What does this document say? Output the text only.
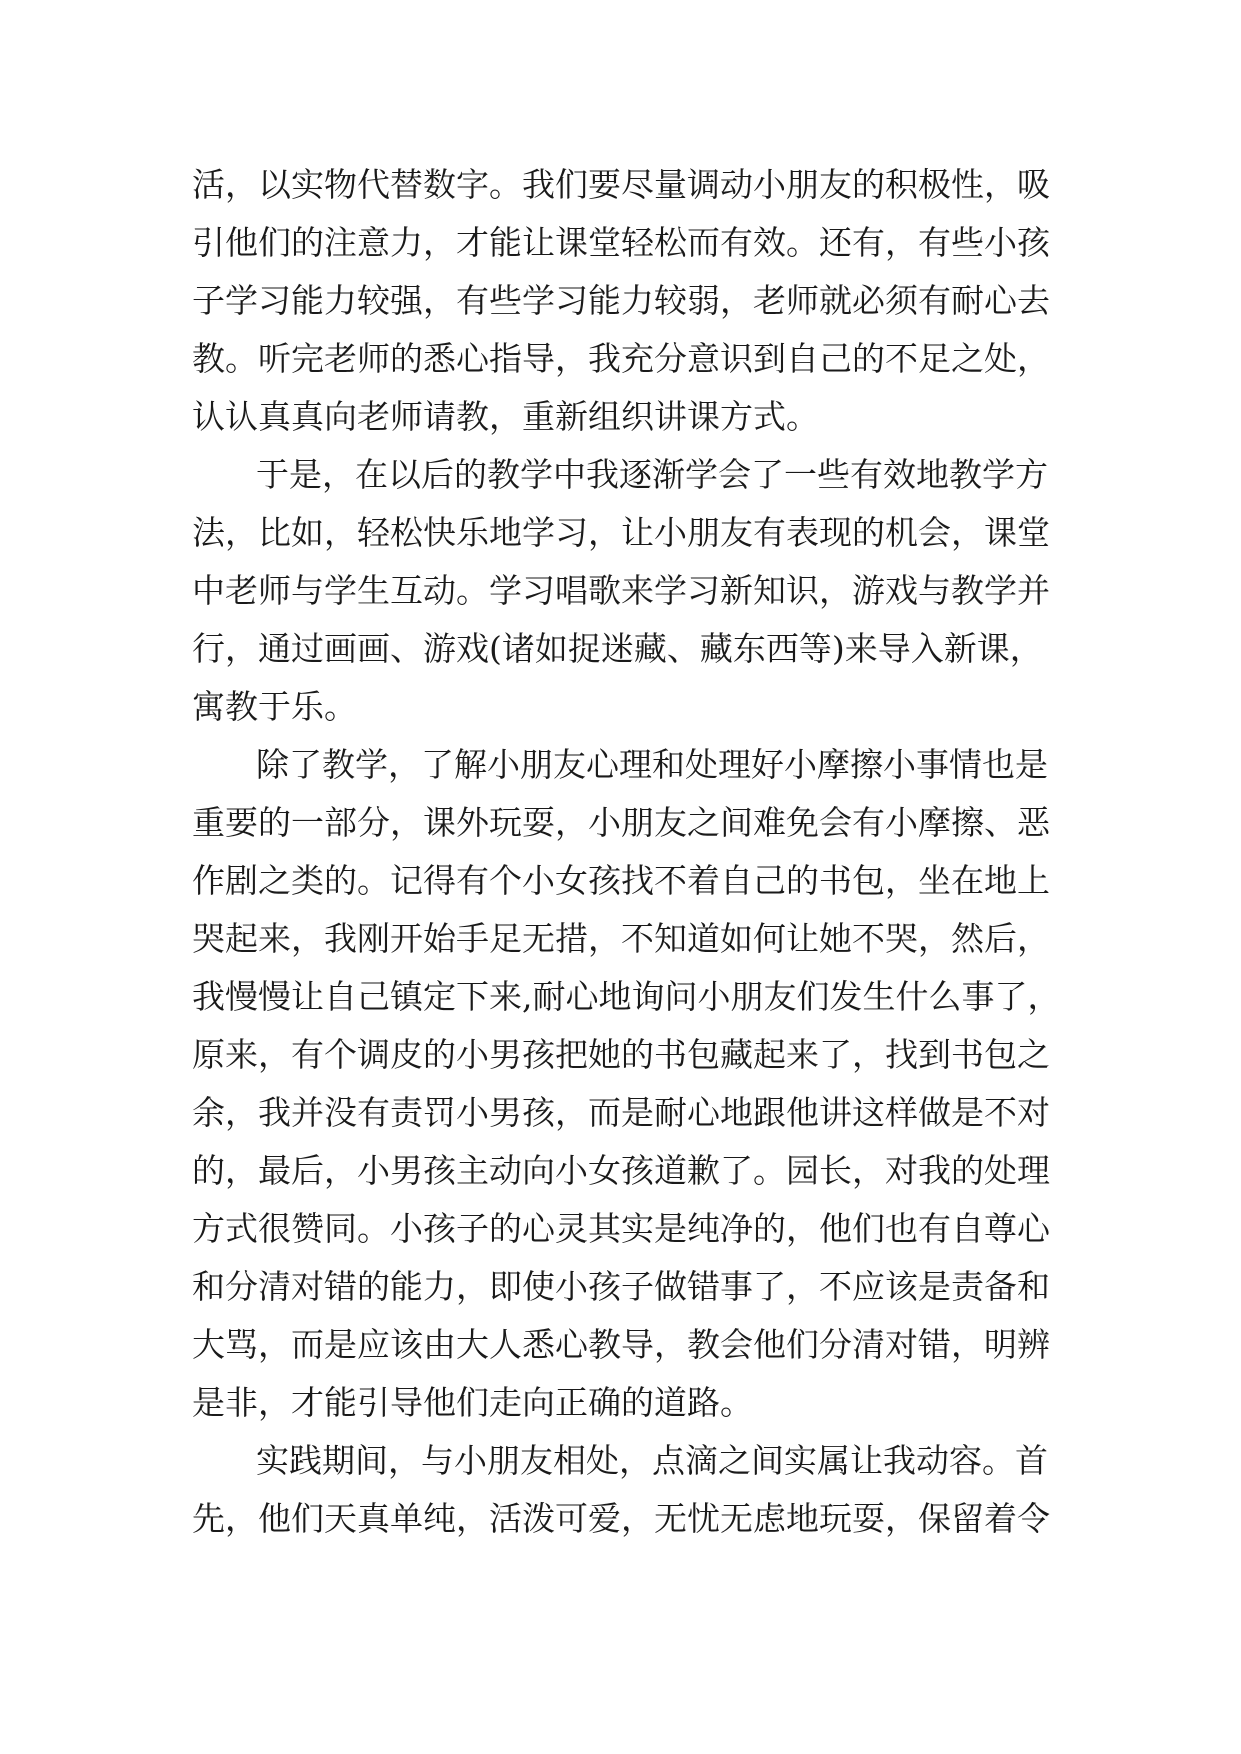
活，以实物代替数字。我们要尽量调动小朋友的积极性，吸
引他们的注意力，才能让课堂轻松而有效。还有，有些小孩
子学习能力较强，有些学习能力较弱，老师就必须有耐心去
教。听完老师的悉心指导，我充分意识到自己的不足之处，
认认真真向老师请教，重新组织讲课方式。
于是，在以后的教学中我逐渐学会了一些有效地教学方
法，比如，轻松快乐地学习，让小朋友有表现的机会，课堂
中老师与学生互动。学习唱歌来学习新知识，游戏与教学并
行，通过画画、游戏(诸如捉迷藏、藏东西等)来导入新课，
寓教于乐。
除了教学，了解小朋友心理和处理好小摩擦小事情也是
重要的一部分，课外玩耍，小朋友之间难免会有小摩擦、恶
作剧之类的。记得有个小女孩找不着自己的书包，坐在地上
哭起来，我刚开始手足无措，不知道如何让她不哭，然后，
我慢慢让自己镇定下来,耐心地询问小朋友们发生什么事了，
原来，有个调皮的小男孩把她的书包藏起来了，找到书包之
余，我并没有责罚小男孩，而是耐心地跟他讲这样做是不对
的，最后，小男孩主动向小女孩道歉了。园长，对我的处理
方式很赞同。小孩子的心灵其实是纯净的，他们也有自尊心
和分清对错的能力，即使小孩子做错事了，不应该是责备和
大骂，而是应该由大人悉心教导，教会他们分清对错，明辨
是非，才能引导他们走向正确的道路。
实践期间，与小朋友相处，点滴之间实属让我动容。首
先，他们天真单纯，活泼可爱，无忧无虑地玩耍，保留着令
